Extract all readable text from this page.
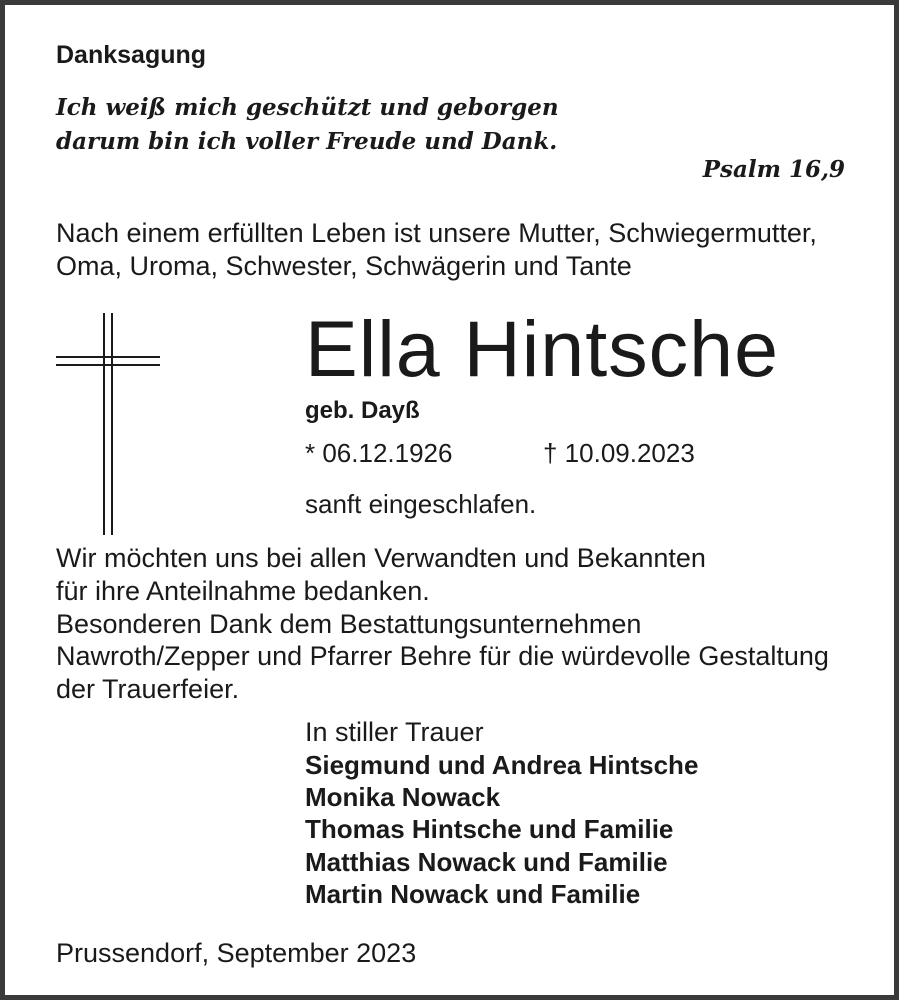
Danksagung
Ich weiß mich geschützt und geborgen
darum bin ich voller Freude und Dank.
Psalm 16,9
Nach einem erfüllten Leben ist unsere Mutter, Schwiegermutter,
Oma, Uroma, Schwester, Schwägerin und Tante
Ella Hintsche
geb. Dayß
* 06.12.1926	† 10.09.2023
sanft eingeschlafen.
Wir möchten uns bei allen Verwandten und Bekannten
für ihre Anteilnahme bedanken.
Besonderen Dank dem Bestattungsunternehmen
Nawroth/Zepper und Pfarrer Behre für die würdevolle Gestaltung
der Trauerfeier.
In stiller Trauer
Siegmund und Andrea Hintsche
Monika Nowack
Thomas Hintsche und Familie
Matthias Nowack und Familie
Martin Nowack und Familie
Prussendorf, September 2023
